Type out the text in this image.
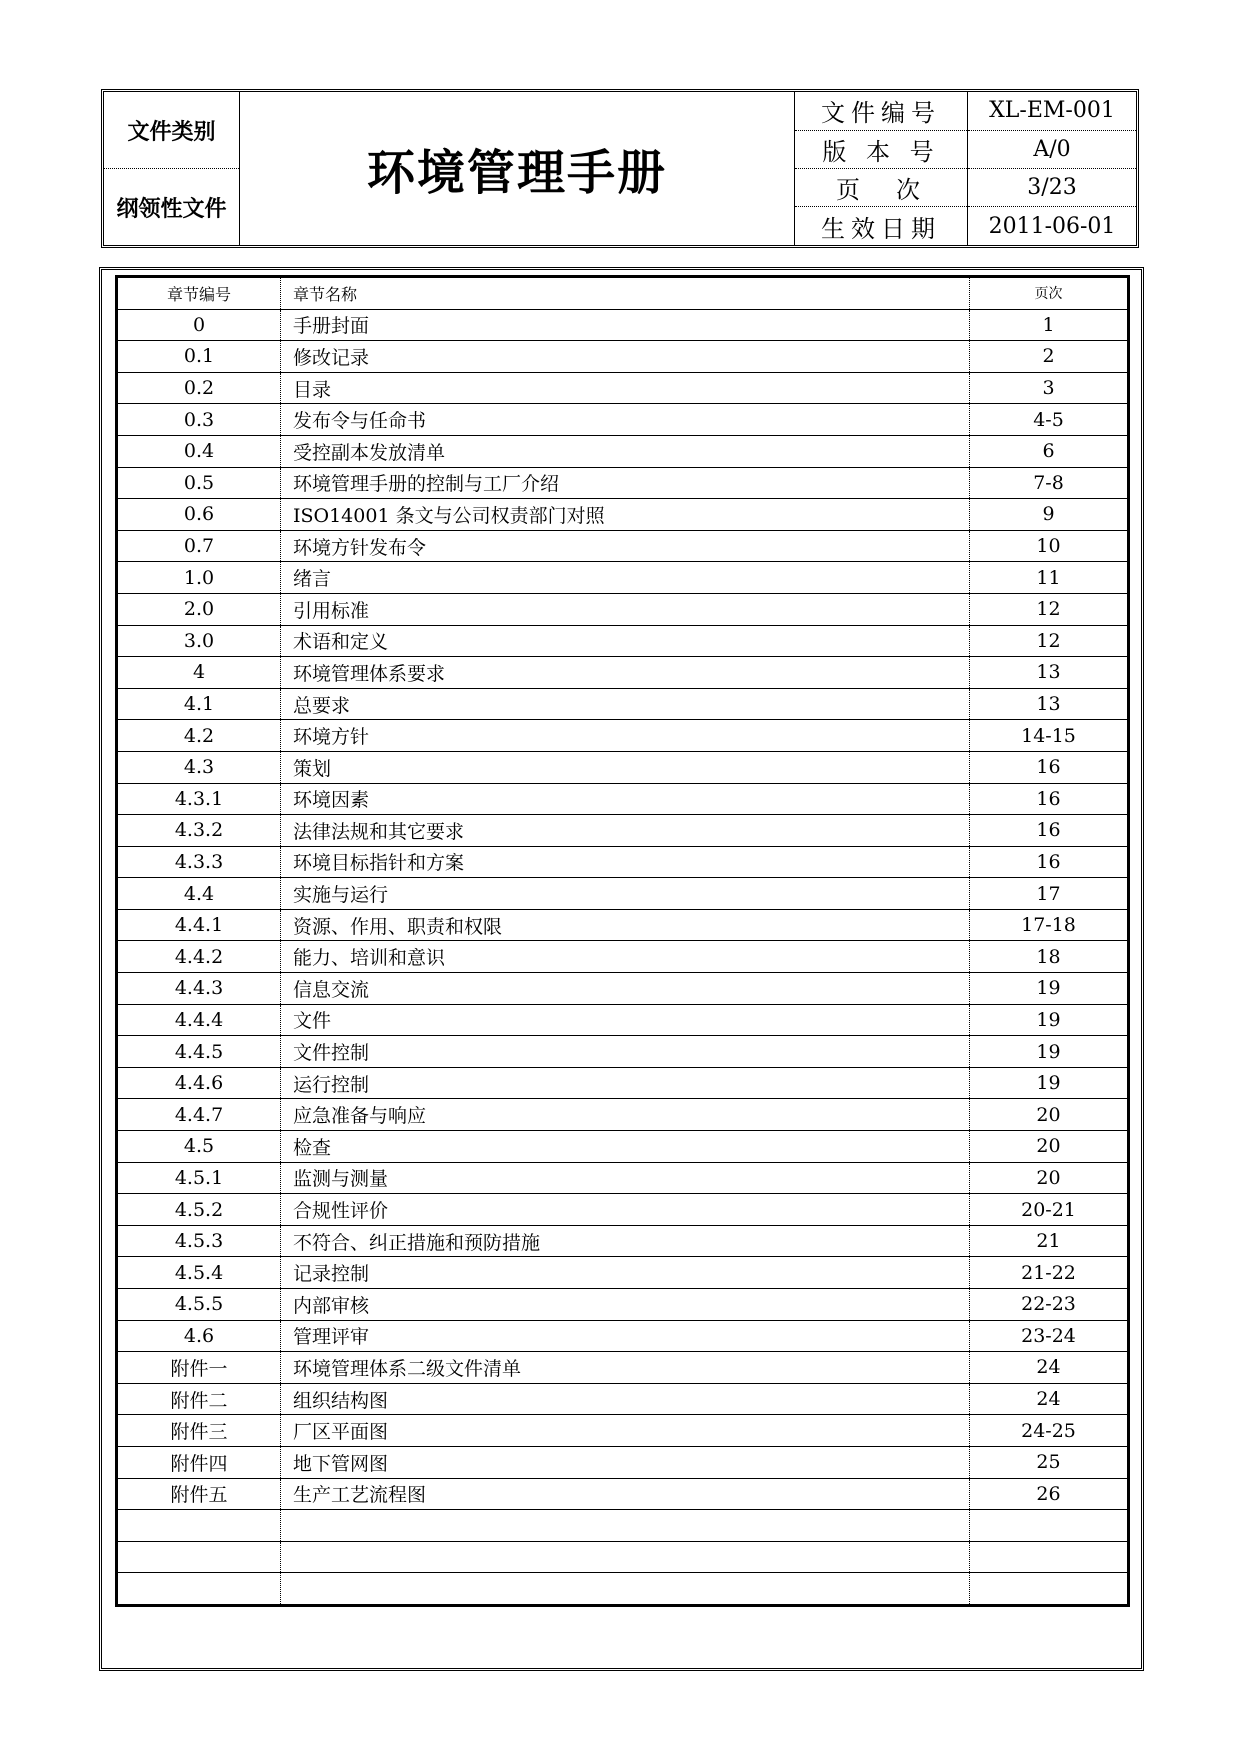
文件类别	环境管理手册	文件编号	XL-EM-001
		版 本 号	A/0
纲领性文件		页　次	3/23
		生效日期	2011-06-01
章节编号	章节名称	页次
0	手册封面	1
0.1	修改记录	2
0.2	目录	3
0.3	发布令与任命书	4-5
0.4	受控副本发放清单	6
0.5	环境管理手册的控制与工厂介绍	7-8
0.6	ISO14001 条文与公司权责部门对照	9
0.7	环境方针发布令	10
1.0	绪言	11
2.0	引用标准	12
3.0	术语和定义	12
4	环境管理体系要求	13
4.1	总要求	13
4.2	环境方针	14-15
4.3	策划	16
4.3.1	环境因素	16
4.3.2	法律法规和其它要求	16
4.3.3	环境目标指针和方案	16
4.4	实施与运行	17
4.4.1	资源、作用、职责和权限	17-18
4.4.2	能力、培训和意识	18
4.4.3	信息交流	19
4.4.4	文件	19
4.4.5	文件控制	19
4.4.6	运行控制	19
4.4.7	应急准备与响应	20
4.5	检查	20
4.5.1	监测与测量	20
4.5.2	合规性评价	20-21
4.5.3	不符合、纠正措施和预防措施	21
4.5.4	记录控制	21-22
4.5.5	内部审核	22-23
4.6	管理评审	23-24
附件一	环境管理体系二级文件清单	24
附件二	组织结构图	24
附件三	厂区平面图	24-25
附件四	地下管网图	25
附件五	生产工艺流程图	26
